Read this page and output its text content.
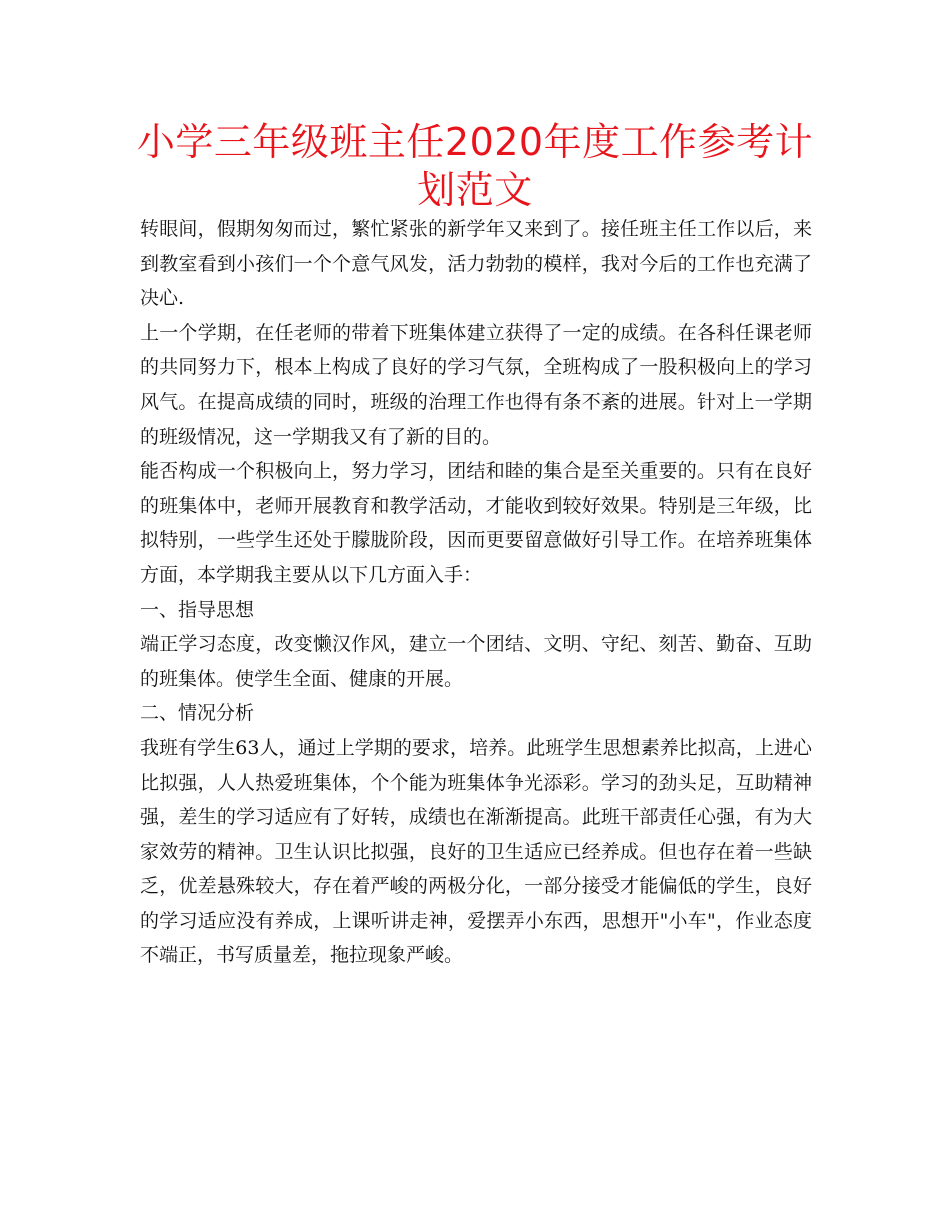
小学三年级班主任2020年度工作参考计划范文

转眼间，假期匆匆而过，繁忙紧张的新学年又来到了。接任班主任工作以后，来到教室看到小孩们一个个意气风发，活力勃勃的模样，我对今后的工作也充满了决心.

上一个学期，在任老师的带着下班集体建立获得了一定的成绩。在各科任课老师的共同努力下，根本上构成了良好的学习气氛，全班构成了一股积极向上的学习风气。在提高成绩的同时，班级的治理工作也得有条不紊的进展。针对上一学期的班级情况，这一学期我又有了新的目的。

能否构成一个积极向上，努力学习，团结和睦的集合是至关重要的。只有在良好的班集体中，老师开展教育和教学活动，才能收到较好效果。特别是三年级，比拟特别，一些学生还处于朦胧阶段，因而更要留意做好引导工作。在培养班集体方面，本学期我主要从以下几方面入手：

一、指导思想

端正学习态度，改变懒汉作风，建立一个团结、文明、守纪、刻苦、勤奋、互助的班集体。使学生全面、健康的开展。

二、情况分析

我班有学生63人，通过上学期的要求，培养。此班学生思想素养比拟高，上进心比拟强，人人热爱班集体，个个能为班集体争光添彩。学习的劲头足，互助精神强，差生的学习适应有了好转，成绩也在渐渐提高。此班干部责任心强，有为大家效劳的精神。卫生认识比拟强，良好的卫生适应已经养成。但也存在着一些缺乏，优差悬殊较大，存在着严峻的两极分化，一部分接受才能偏低的学生，良好的学习适应没有养成，上课听讲走神，爱摆弄小东西，思想开"小车"，作业态度不端正，书写质量差，拖拉现象严峻。
